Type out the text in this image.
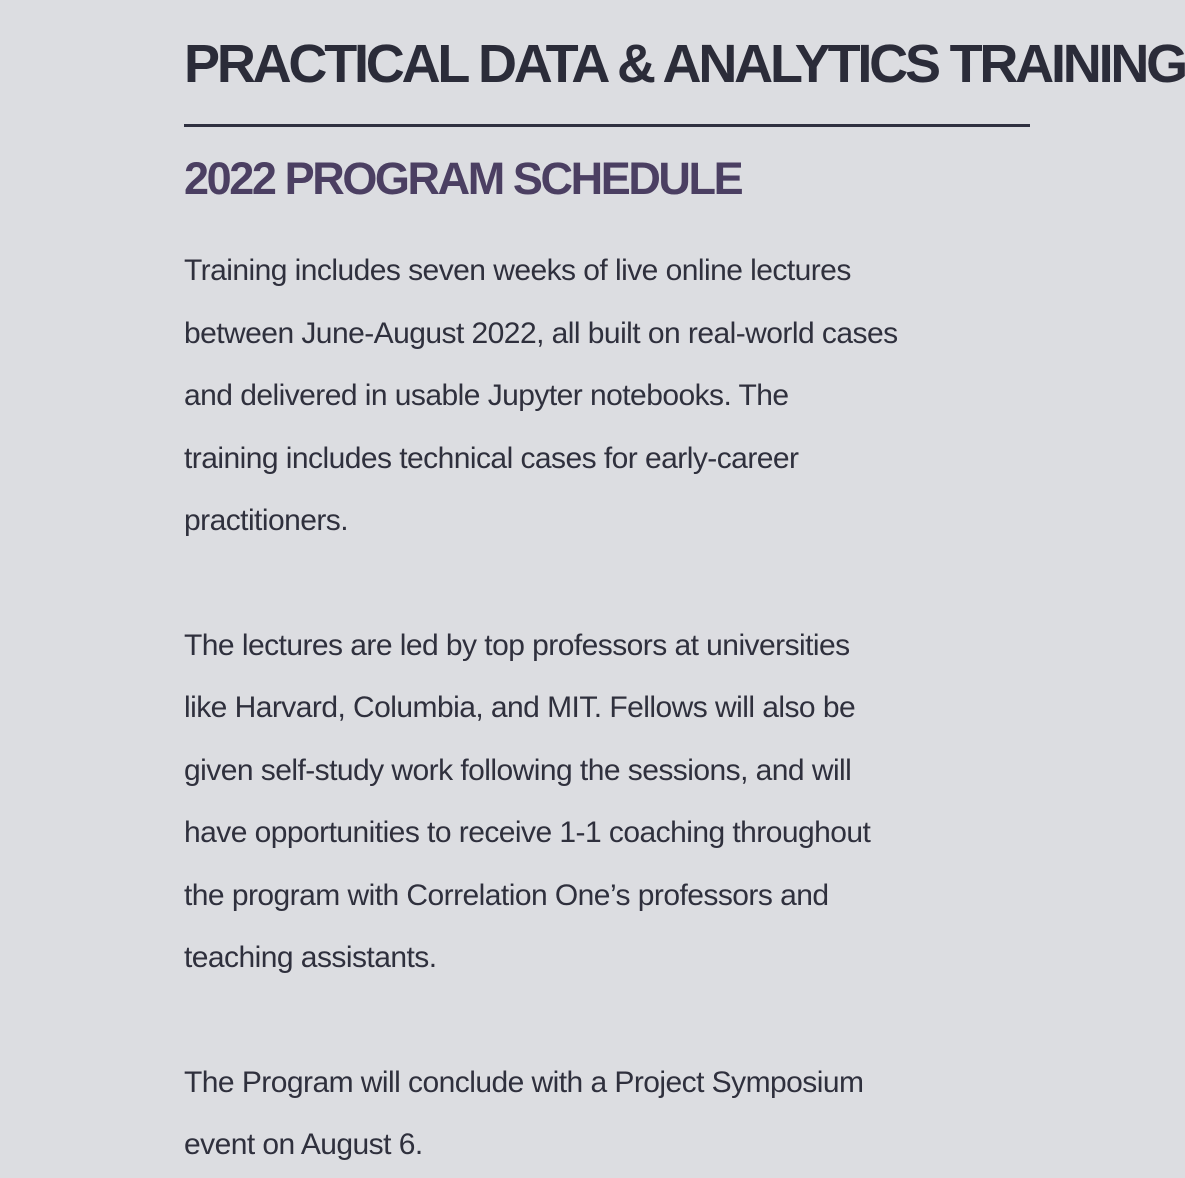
PRACTICAL DATA & ANALYTICS TRAINING
2022 PROGRAM SCHEDULE

Training includes seven weeks of live online lectures
between June-August 2022, all built on real-world cases
and delivered in usable Jupyter notebooks. The
training includes technical cases for early-career
practitioners.

The lectures are led by top professors at universities
like Harvard, Columbia, and MIT. Fellows will also be
given self-study work following the sessions, and will
have opportunities to receive 1-1 coaching throughout
the program with Correlation One’s professors and
teaching assistants.

The Program will conclude with a Project Symposium
event on August 6.
